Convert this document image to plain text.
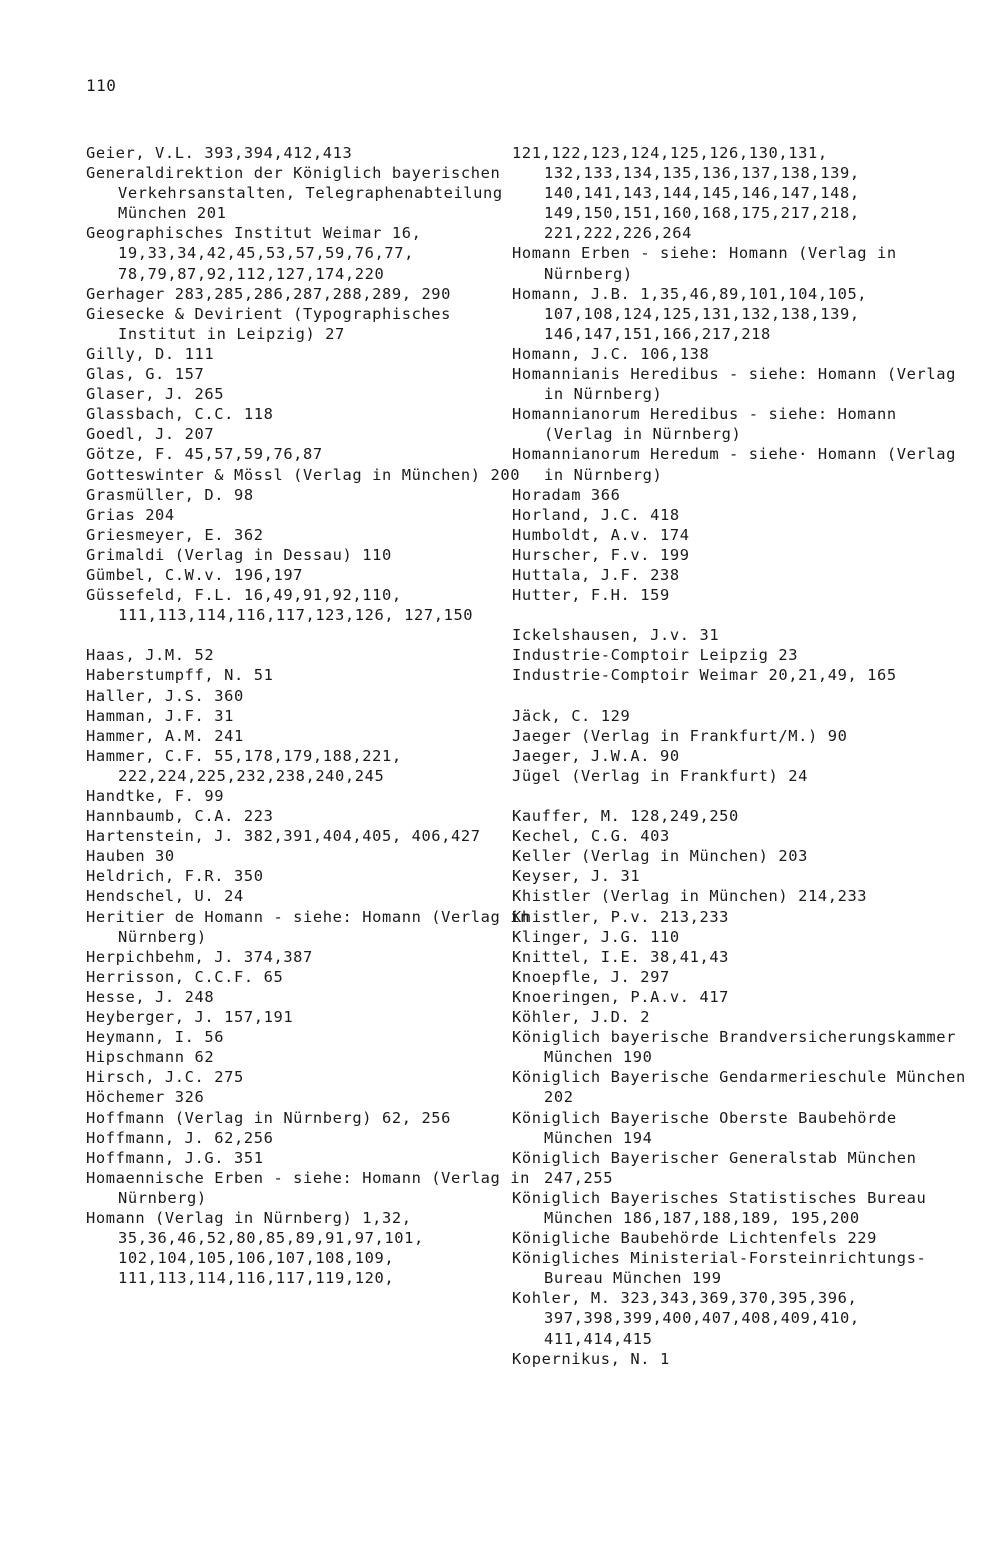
110
Geier, V.L. 393,394,412,413
Generaldirektion der Königlich bayerischen Verkehrsanstalten, Telegraphenabteilung München 201
Geographisches Institut Weimar 16, 19,33,34,42,45,53,57,59,76,77, 78,79,87,92,112,127,174,220
Gerhager 283,285,286,287,288,289, 290
Giesecke & Devirient (Typographisches Institut in Leipzig) 27
Gilly, D. 111
Glas, G. 157
Glaser, J. 265
Glassbach, C.C. 118
Goedl, J. 207
Götze, F. 45,57,59,76,87
Gotteswinter & Mössl (Verlag in München) 200
Grasmüller, D. 98
Grias 204
Griesmeyer, E. 362
Grimaldi (Verlag in Dessau) 110
Gümbel, C.W.v. 196,197
Güssefeld, F.L. 16,49,91,92,110, 111,113,114,116,117,123,126, 127,150
Haas, J.M. 52
Haberstumpff, N. 51
Haller, J.S. 360
Hamman, J.F. 31
Hammer, A.M. 241
Hammer, C.F. 55,178,179,188,221, 222,224,225,232,238,240,245
Handtke, F. 99
Hannbaumb, C.A. 223
Hartenstein, J. 382,391,404,405, 406,427
Hauben 30
Heldrich, F.R. 350
Hendschel, U. 24
Heritier de Homann - siehe: Homann (Verlag in Nürnberg)
Herpichbehm, J. 374,387
Herrisson, C.C.F. 65
Hesse, J. 248
Heyberger, J. 157,191
Heymann, I. 56
Hipschmann 62
Hirsch, J.C. 275
Höchemer 326
Hoffmann (Verlag in Nürnberg) 62, 256
Hoffmann, J. 62,256
Hoffmann, J.G. 351
Homaennische Erben - siehe: Homann (Verlag in Nürnberg)
Homann (Verlag in Nürnberg) 1,32, 35,36,46,52,80,85,89,91,97,101, 102,104,105,106,107,108,109, 111,113,114,116,117,119,120,
121,122,123,124,125,126,130,131, 132,133,134,135,136,137,138,139, 140,141,143,144,145,146,147,148, 149,150,151,160,168,175,217,218, 221,222,226,264
Homann Erben - siehe: Homann (Verlag in Nürnberg)
Homann, J.B. 1,35,46,89,101,104,105, 107,108,124,125,131,132,138,139, 146,147,151,166,217,218
Homann, J.C. 106,138
Homannianis Heredibus - siehe: Homann (Verlag in Nürnberg)
Homannianorum Heredibus - siehe: Homann (Verlag in Nürnberg)
Homannianorum Heredum - siehe· Homann (Verlag in Nürnberg)
Horadam 366
Horland, J.C. 418
Humboldt, A.v. 174
Hurscher, F.v. 199
Huttala, J.F. 238
Hutter, F.H. 159
Ickelshausen, J.v. 31
Industrie-Comptoir Leipzig 23
Industrie-Comptoir Weimar 20,21,49, 165
Jäck, C. 129
Jaeger (Verlag in Frankfurt/M.) 90
Jaeger, J.W.A. 90
Jügel (Verlag in Frankfurt) 24
Kauffer, M. 128,249,250
Kechel, C.G. 403
Keller (Verlag in München) 203
Keyser, J. 31
Khistler (Verlag in München) 214,233
Khistler, P.v. 213,233
Klinger, J.G. 110
Knittel, I.E. 38,41,43
Knoepfle, J. 297
Knoeringen, P.A.v. 417
Köhler, J.D. 2
Königlich bayerische Brandversicherungskammer München 190
Königlich Bayerische Gendarmerieschule München 202
Königlich Bayerische Oberste Baubehörde München 194
Königlich Bayerischer Generalstab München 247,255
Königlich Bayerisches Statistisches Bureau München 186,187,188,189, 195,200
Königliche Baubehörde Lichtenfels 229
Königliches Ministerial-Forsteinrichtungs-Bureau München 199
Kohler, M. 323,343,369,370,395,396, 397,398,399,400,407,408,409,410, 411,414,415
Kopernikus, N. 1
